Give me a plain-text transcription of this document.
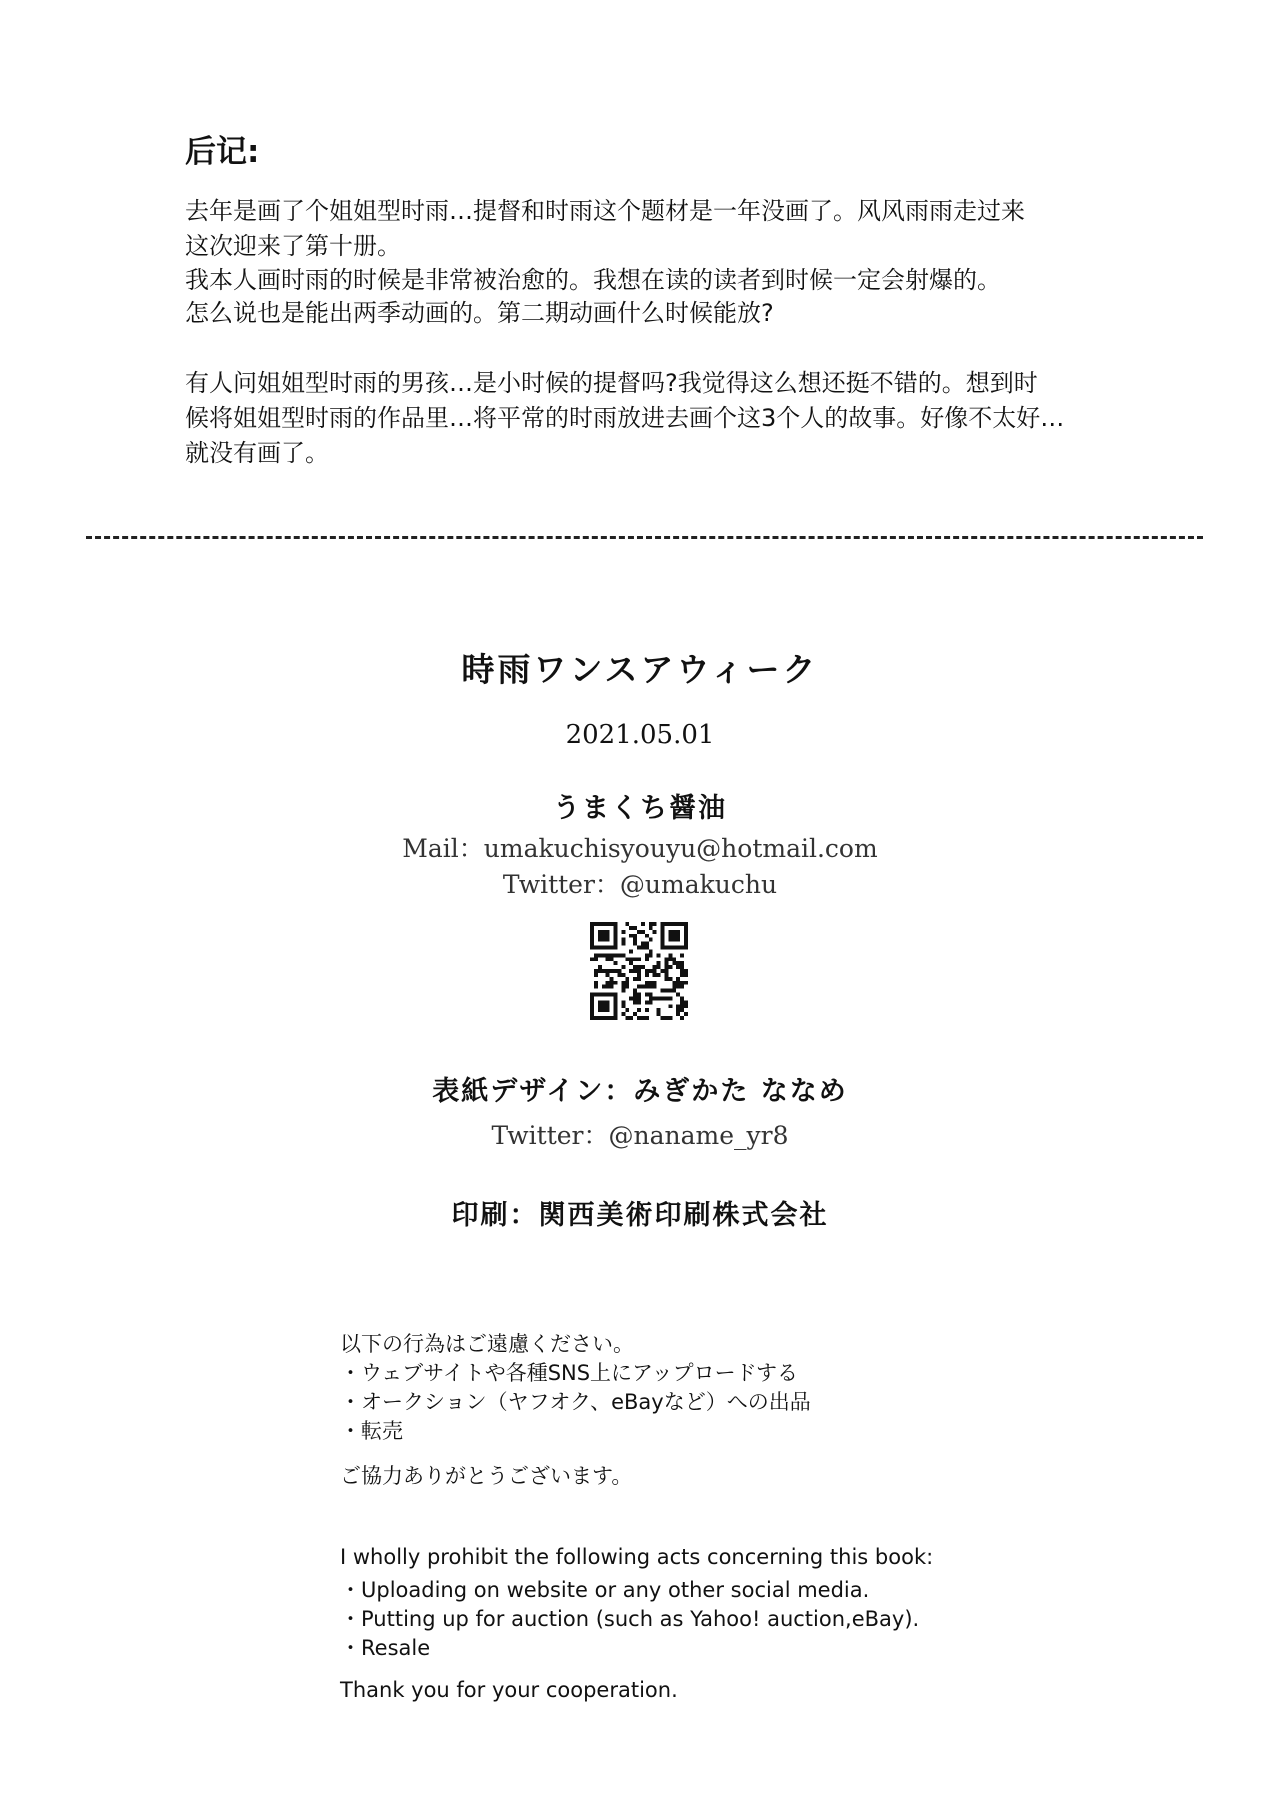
后记:
去年是画了个姐姐型时雨…提督和时雨这个题材是一年没画了。风风雨雨走过来
这次迎来了第十册。
我本人画时雨的时候是非常被治愈的。我想在读的读者到时候一定会射爆的。
怎么说也是能出两季动画的。第二期动画什么时候能放?
有人问姐姐型时雨的男孩…是小时候的提督吗?我觉得这么想还挺不错的。想到时
候将姐姐型时雨的作品里…将平常的时雨放进去画个这3个人的故事。好像不太好…
就没有画了。
時雨ワンスアウィーク
2021.05.01
うまくち醤油
Mail：umakuchisyouyu@hotmail.com
Twitter：@umakuchu
表紙デザイン：みぎかた ななめ
Twitter：@naname_yr8
印刷：関西美術印刷株式会社
以下の行為はご遠慮ください。
・ウェブサイトや各種SNS上にアップロードする
・オークション（ヤフオク、eBayなど）への出品
・転売
ご協力ありがとうございます。
I wholly prohibit the following acts concerning this book:
・Uploading on website or any other social media.
・Putting up for auction (such as Yahoo! auction,eBay).
・Resale
Thank you for your cooperation.
